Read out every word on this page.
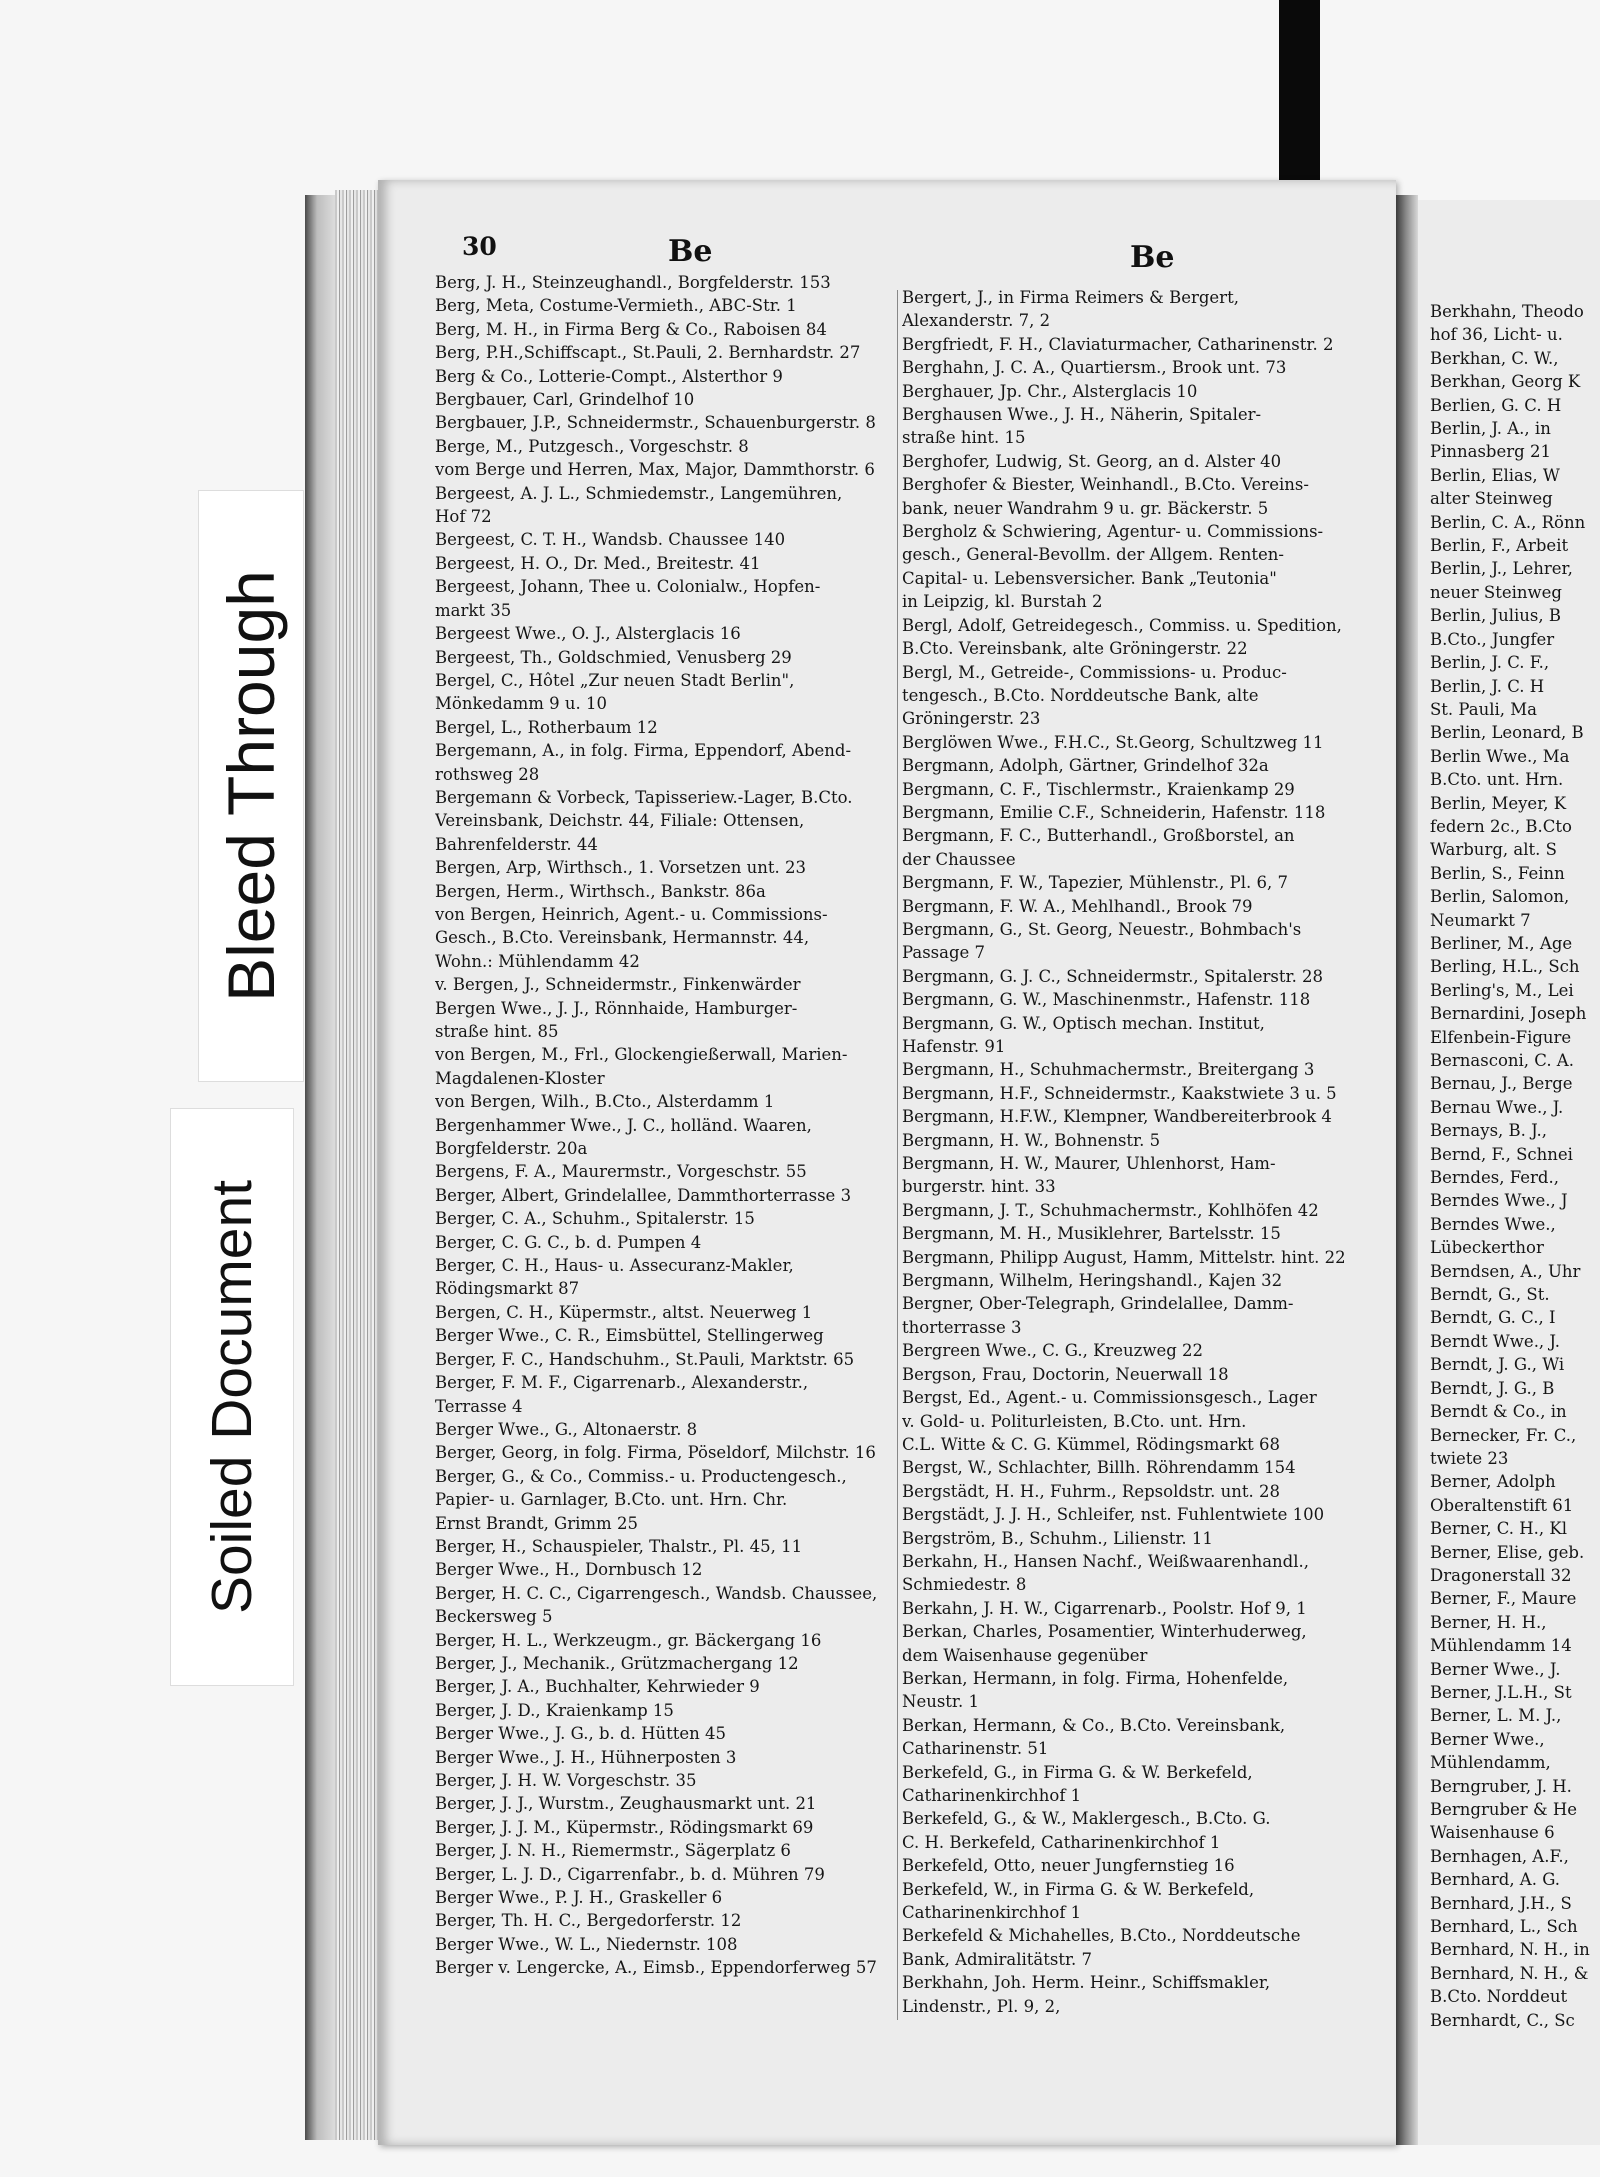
Bleed Through
Soiled Document
30	Be	Be
Berg, J. H., Steinzeughandl., Borgfelderstr. 153
Berg, Meta, Costume-Vermieth., ABC-Str. 1
Berg, M. H., in Firma Berg & Co., Raboisen 84
Berg, P.H.,Schiffscapt., St.Pauli, 2. Bernhardstr. 27
Berg & Co., Lotterie-Compt., Alsterthor 9
Bergbauer, Carl, Grindelhof 10
Bergbauer, J.P., Schneidermstr., Schauenburgerstr. 8
Berge, M., Putzgesch., Vorgeschstr. 8
vom Berge und Herren, Max, Major, Dammthorstr. 6
Bergeest, A. J. L., Schmiedemstr., Langemühren,
Hof 72
Bergeest, C. T. H., Wandsb. Chaussee 140
Bergeest, H. O., Dr. Med., Breitestr. 41
Bergeest, Johann, Thee u. Colonialw., Hopfen-
markt 35
Bergeest Wwe., O. J., Alsterglacis 16
Bergeest, Th., Goldschmied, Venusberg 29
Bergel, C., Hôtel „Zur neuen Stadt Berlin",
Mönkedamm 9 u. 10
Bergel, L., Rotherbaum 12
Bergemann, A., in folg. Firma, Eppendorf, Abend-
rothsweg 28
Bergemann & Vorbeck, Tapisseriew.-Lager, B.Cto.
Vereinsbank, Deichstr. 44, Filiale: Ottensen,
Bahrenfelderstr. 44
Bergen, Arp, Wirthsch., 1. Vorsetzen unt. 23
Bergen, Herm., Wirthsch., Bankstr. 86a
von Bergen, Heinrich, Agent.- u. Commissions-
Gesch., B.Cto. Vereinsbank, Hermannstr. 44,
Wohn.: Mühlendamm 42
v. Bergen, J., Schneidermstr., Finkenwärder
Bergen Wwe., J. J., Rönnhaide, Hamburger-
straße hint. 85
von Bergen, M., Frl., Glockengießerwall, Marien-
Magdalenen-Kloster
von Bergen, Wilh., B.Cto., Alsterdamm 1
Bergenhammer Wwe., J. C., holländ. Waaren,
Borgfelderstr. 20a
Bergens, F. A., Maurermstr., Vorgeschstr. 55
Berger, Albert, Grindelallee, Dammthorterrasse 3
Berger, C. A., Schuhm., Spitalerstr. 15
Berger, C. G. C., b. d. Pumpen 4
Berger, C. H., Haus- u. Assecuranz-Makler,
Rödingsmarkt 87
Bergen, C. H., Küpermstr., altst. Neuerweg 1
Berger Wwe., C. R., Eimsbüttel, Stellingerweg
Berger, F. C., Handschuhm., St.Pauli, Marktstr. 65
Berger, F. M. F., Cigarrenarb., Alexanderstr.,
Terrasse 4
Berger Wwe., G., Altonaerstr. 8
Berger, Georg, in folg. Firma, Pöseldorf, Milchstr. 16
Berger, G., & Co., Commiss.- u. Productengesch.,
Papier- u. Garnlager, B.Cto. unt. Hrn. Chr.
Ernst Brandt, Grimm 25
Berger, H., Schauspieler, Thalstr., Pl. 45, 11
Berger Wwe., H., Dornbusch 12
Berger, H. C. C., Cigarrengesch., Wandsb. Chaussee,
Beckersweg 5
Berger, H. L., Werkzeugm., gr. Bäckergang 16
Berger, J., Mechanik., Grützmachergang 12
Berger, J. A., Buchhalter, Kehrwieder 9
Berger, J. D., Kraienkamp 15
Berger Wwe., J. G., b. d. Hütten 45
Berger Wwe., J. H., Hühnerposten 3
Berger, J. H. W. Vorgeschstr. 35
Berger, J. J., Wurstm., Zeughausmarkt unt. 21
Berger, J. J. M., Küpermstr., Rödingsmarkt 69
Berger, J. N. H., Riemermstr., Sägerplatz 6
Berger, L. J. D., Cigarrenfabr., b. d. Mühren 79
Berger Wwe., P. J. H., Graskeller 6
Berger, Th. H. C., Bergedorferstr. 12
Berger Wwe., W. L., Niedernstr. 108
Berger v. Lengercke, A., Eimsb., Eppendorferweg 57
Bergert, J., in Firma Reimers & Bergert,
Alexanderstr. 7, 2
Bergfriedt, F. H., Claviaturmacher, Catharinenstr. 2
Berghahn, J. C. A., Quartiersm., Brook unt. 73
Berghauer, Jp. Chr., Alsterglacis 10
Berghausen Wwe., J. H., Näherin, Spitaler-
straße hint. 15
Berghofer, Ludwig, St. Georg, an d. Alster 40
Berghofer & Biester, Weinhandl., B.Cto. Vereins-
bank, neuer Wandrahm 9 u. gr. Bäckerstr. 5
Bergholz & Schwiering, Agentur- u. Commissions-
gesch., General-Bevollm. der Allgem. Renten-
Capital- u. Lebensversicher. Bank „Teutonia"
in Leipzig, kl. Burstah 2
Bergl, Adolf, Getreidegesch., Commiss. u. Spedition,
B.Cto. Vereinsbank, alte Gröningerstr. 22
Bergl, M., Getreide-, Commissions- u. Produc-
tengesch., B.Cto. Norddeutsche Bank, alte
Gröningerstr. 23
Berglöwen Wwe., F.H.C., St.Georg, Schultzweg 11
Bergmann, Adolph, Gärtner, Grindelhof 32a
Bergmann, C. F., Tischlermstr., Kraienkamp 29
Bergmann, Emilie C.F., Schneiderin, Hafenstr. 118
Bergmann, F. C., Butterhandl., Großborstel, an
der Chaussee
Bergmann, F. W., Tapezier, Mühlenstr., Pl. 6, 7
Bergmann, F. W. A., Mehlhandl., Brook 79
Bergmann, G., St. Georg, Neuestr., Bohmbach's
Passage 7
Bergmann, G. J. C., Schneidermstr., Spitalerstr. 28
Bergmann, G. W., Maschinenmstr., Hafenstr. 118
Bergmann, G. W., Optisch mechan. Institut,
Hafenstr. 91
Bergmann, H., Schuhmachermstr., Breitergang 3
Bergmann, H.F., Schneidermstr., Kaakstwiete 3 u. 5
Bergmann, H.F.W., Klempner, Wandbereiterbrook 4
Bergmann, H. W., Bohnenstr. 5
Bergmann, H. W., Maurer, Uhlenhorst, Ham-
burgerstr. hint. 33
Bergmann, J. T., Schuhmachermstr., Kohlhöfen 42
Bergmann, M. H., Musiklehrer, Bartelsstr. 15
Bergmann, Philipp August, Hamm, Mittelstr. hint. 22
Bergmann, Wilhelm, Heringshandl., Kajen 32
Bergner, Ober-Telegraph, Grindelallee, Damm-
thorterrasse 3
Bergreen Wwe., C. G., Kreuzweg 22
Bergson, Frau, Doctorin, Neuerwall 18
Bergst, Ed., Agent.- u. Commissionsgesch., Lager
v. Gold- u. Politurleisten, B.Cto. unt. Hrn.
C.L. Witte & C. G. Kümmel, Rödingsmarkt 68
Bergst, W., Schlachter, Billh. Röhrendamm 154
Bergstädt, H. H., Fuhrm., Repsoldstr. unt. 28
Bergstädt, J. J. H., Schleifer, nst. Fuhlentwiete 100
Bergström, B., Schuhm., Lilienstr. 11
Berkahn, H., Hansen Nachf., Weißwaarenhandl.,
Schmiedestr. 8
Berkahn, J. H. W., Cigarrenarb., Poolstr. Hof 9, 1
Berkan, Charles, Posamentier, Winterhuderweg,
dem Waisenhause gegenüber
Berkan, Hermann, in folg. Firma, Hohenfelde,
Neustr. 1
Berkan, Hermann, & Co., B.Cto. Vereinsbank,
Catharinenstr. 51
Berkefeld, G., in Firma G. & W. Berkefeld,
Catharinenkirchhof 1
Berkefeld, G., & W., Maklergesch., B.Cto. G.
C. H. Berkefeld, Catharinenkirchhof 1
Berkefeld, Otto, neuer Jungfernstieg 16
Berkefeld, W., in Firma G. & W. Berkefeld,
Catharinenkirchhof 1
Berkefeld & Michahelles, B.Cto., Norddeutsche
Bank, Admiralitätstr. 7
Berkhahn, Joh. Herm. Heinr., Schiffsmakler,
Lindenstr., Pl. 9, 2,
Berkhahn, Theodo
hof 36, Licht- u.
Berkhan, C. W.,
Berkhan, Georg K
Berlien, G. C. H
Berlin, J. A., in
Pinnasberg 21
Berlin, Elias, W
alter Steinweg
Berlin, C. A., Rönn
Berlin, F., Arbeit
Berlin, J., Lehrer,
neuer Steinweg
Berlin, Julius, B
B.Cto., Jungfer
Berlin, J. C. F.,
Berlin, J. C. H
St. Pauli, Ma
Berlin, Leonard, B
Berlin Wwe., Ma
B.Cto. unt. Hrn.
Berlin, Meyer, K
federn 2c., B.Cto
Warburg, alt. S
Berlin, S., Feinn
Berlin, Salomon,
Neumarkt 7
Berliner, M., Age
Berling, H.L., Sch
Berling's, M., Lei
Bernardini, Joseph
Elfenbein-Figure
Bernasconi, C. A.
Bernau, J., Berge
Bernau Wwe., J.
Bernays, B. J.,
Bernd, F., Schnei
Berndes, Ferd.,
Berndes Wwe., J
Berndes Wwe.,
Lübeckerthor
Berndsen, A., Uhr
Berndt, G., St.
Berndt, G. C., I
Berndt Wwe., J.
Berndt, J. G., Wi
Berndt, J. G., B
Berndt & Co., in
Bernecker, Fr. C.,
twiete 23
Berner, Adolph
Oberaltenstift 61
Berner, C. H., Kl
Berner, Elise, geb.
Dragonerstall 32
Berner, F., Maure
Berner, H. H.,
Mühlendamm 14
Berner Wwe., J.
Berner, J.L.H., St
Berner, L. M. J.,
Berner Wwe.,
Mühlendamm,
Berngruber, J. H.
Berngruber & He
Waisenhause 6
Bernhagen, A.F.,
Bernhard, A. G.
Bernhard, J.H., S
Bernhard, L., Sch
Bernhard, N. H., in
Bernhard, N. H., &
B.Cto. Norddeut
Bernhardt, C., Sc
